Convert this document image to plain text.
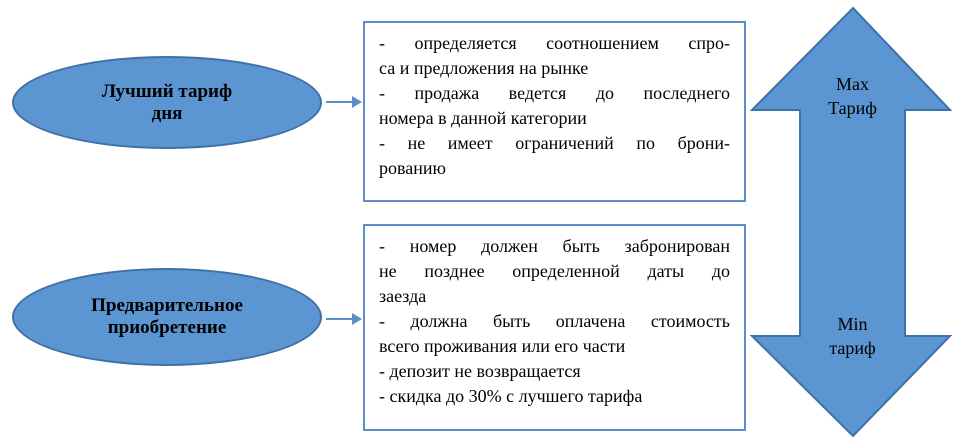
Лучший тариф
дня
- определяется соотношением спро-
са и предложения на рынке
- продажа ведется до последнего
номера в данной категории
- не имеет ограничений по брони-
рованию
Предварительное
приобретение
- номер должен быть забронирован
не позднее определенной даты до
заезда
- должна быть оплачена стоимость
всего проживания или его части
- депозит не возвращается
- скидка до 30% с лучшего тарифа
Max
Тариф
Min
тариф
